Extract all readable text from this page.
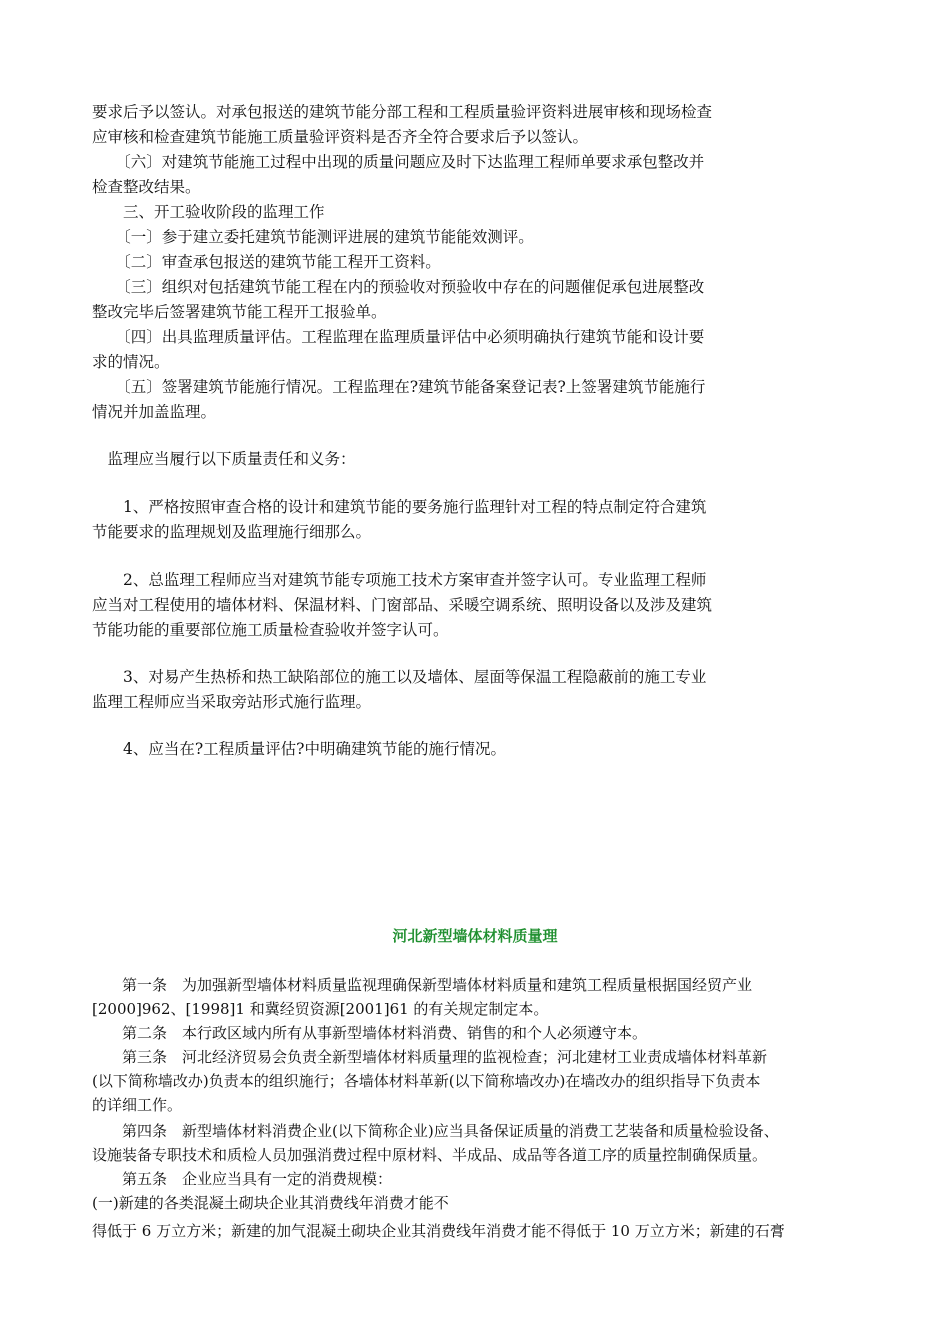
要求后予以签认。对承包报送的建筑节能分部工程和工程质量验评资料进展审核和现场检查

应审核和检查建筑节能施工质量验评资料是否齐全符合要求后予以签认。

　　〔六〕对建筑节能施工过程中出现的质量问题应及时下达监理工程师单要求承包整改并

检查整改结果。

　　三、开工验收阶段的监理工作

　　〔一〕参于建立委托建筑节能测评进展的建筑节能能效测评。

　　〔二〕审查承包报送的建筑节能工程开工资料。

　　〔三〕组织对包括建筑节能工程在内的预验收对预验收中存在的问题催促承包进展整改

整改完毕后签署建筑节能工程开工报验单。

　　〔四〕出具监理质量评估。工程监理在监理质量评估中必须明确执行建筑节能和设计要

求的情况。

　　〔五〕签署建筑节能施行情况。工程监理在?建筑节能备案登记表?上签署建筑节能施行

情况并加盖监理。

　监理应当履行以下质量责任和义务：

　　1、严格按照审查合格的设计和建筑节能的要务施行监理针对工程的特点制定符合建筑

节能要求的监理规划及监理施行细那么。

　　2、总监理工程师应当对建筑节能专项施工技术方案审查并签字认可。专业监理工程师

应当对工程使用的墙体材料、保温材料、门窗部品、采暖空调系统、照明设备以及涉及建筑

节能功能的重要部位施工质量检查验收并签字认可。

　　3、对易产生热桥和热工缺陷部位的施工以及墙体、屋面等保温工程隐蔽前的施工专业

监理工程师应当采取旁站形式施行监理。

　　4、应当在?工程质量评估?中明确建筑节能的施行情况。

河北新型墙体材料质量理

　　第一条　为加强新型墙体材料质量监视理确保新型墙体材料质量和建筑工程质量根据国经贸产业

[2000]962、[1998]1 和冀经贸资源[2001]61 的有关规定制定本。

　　第二条　本行政区域内所有从事新型墙体材料消费、销售的和个人必须遵守本。

　　第三条　河北经济贸易会负责全新型墙体材料质量理的监视检查；河北建材工业责成墙体材料革新

(以下简称墙改办)负责本的组织施行；各墙体材料革新(以下简称墙改办)在墙改办的组织指导下负责本

的详细工作。

　　第四条　新型墙体材料消费企业(以下简称企业)应当具备保证质量的消费工艺装备和质量检验设备、

设施装备专职技术和质检人员加强消费过程中原材料、半成品、成品等各道工序的质量控制确保质量。

　　第五条　企业应当具有一定的消费规模：

(一)新建的各类混凝土砌块企业其消费线年消费才能不

得低于 6 万立方米；新建的加气混凝土砌块企业其消费线年消费才能不得低于 10 万立方米；新建的石膏
